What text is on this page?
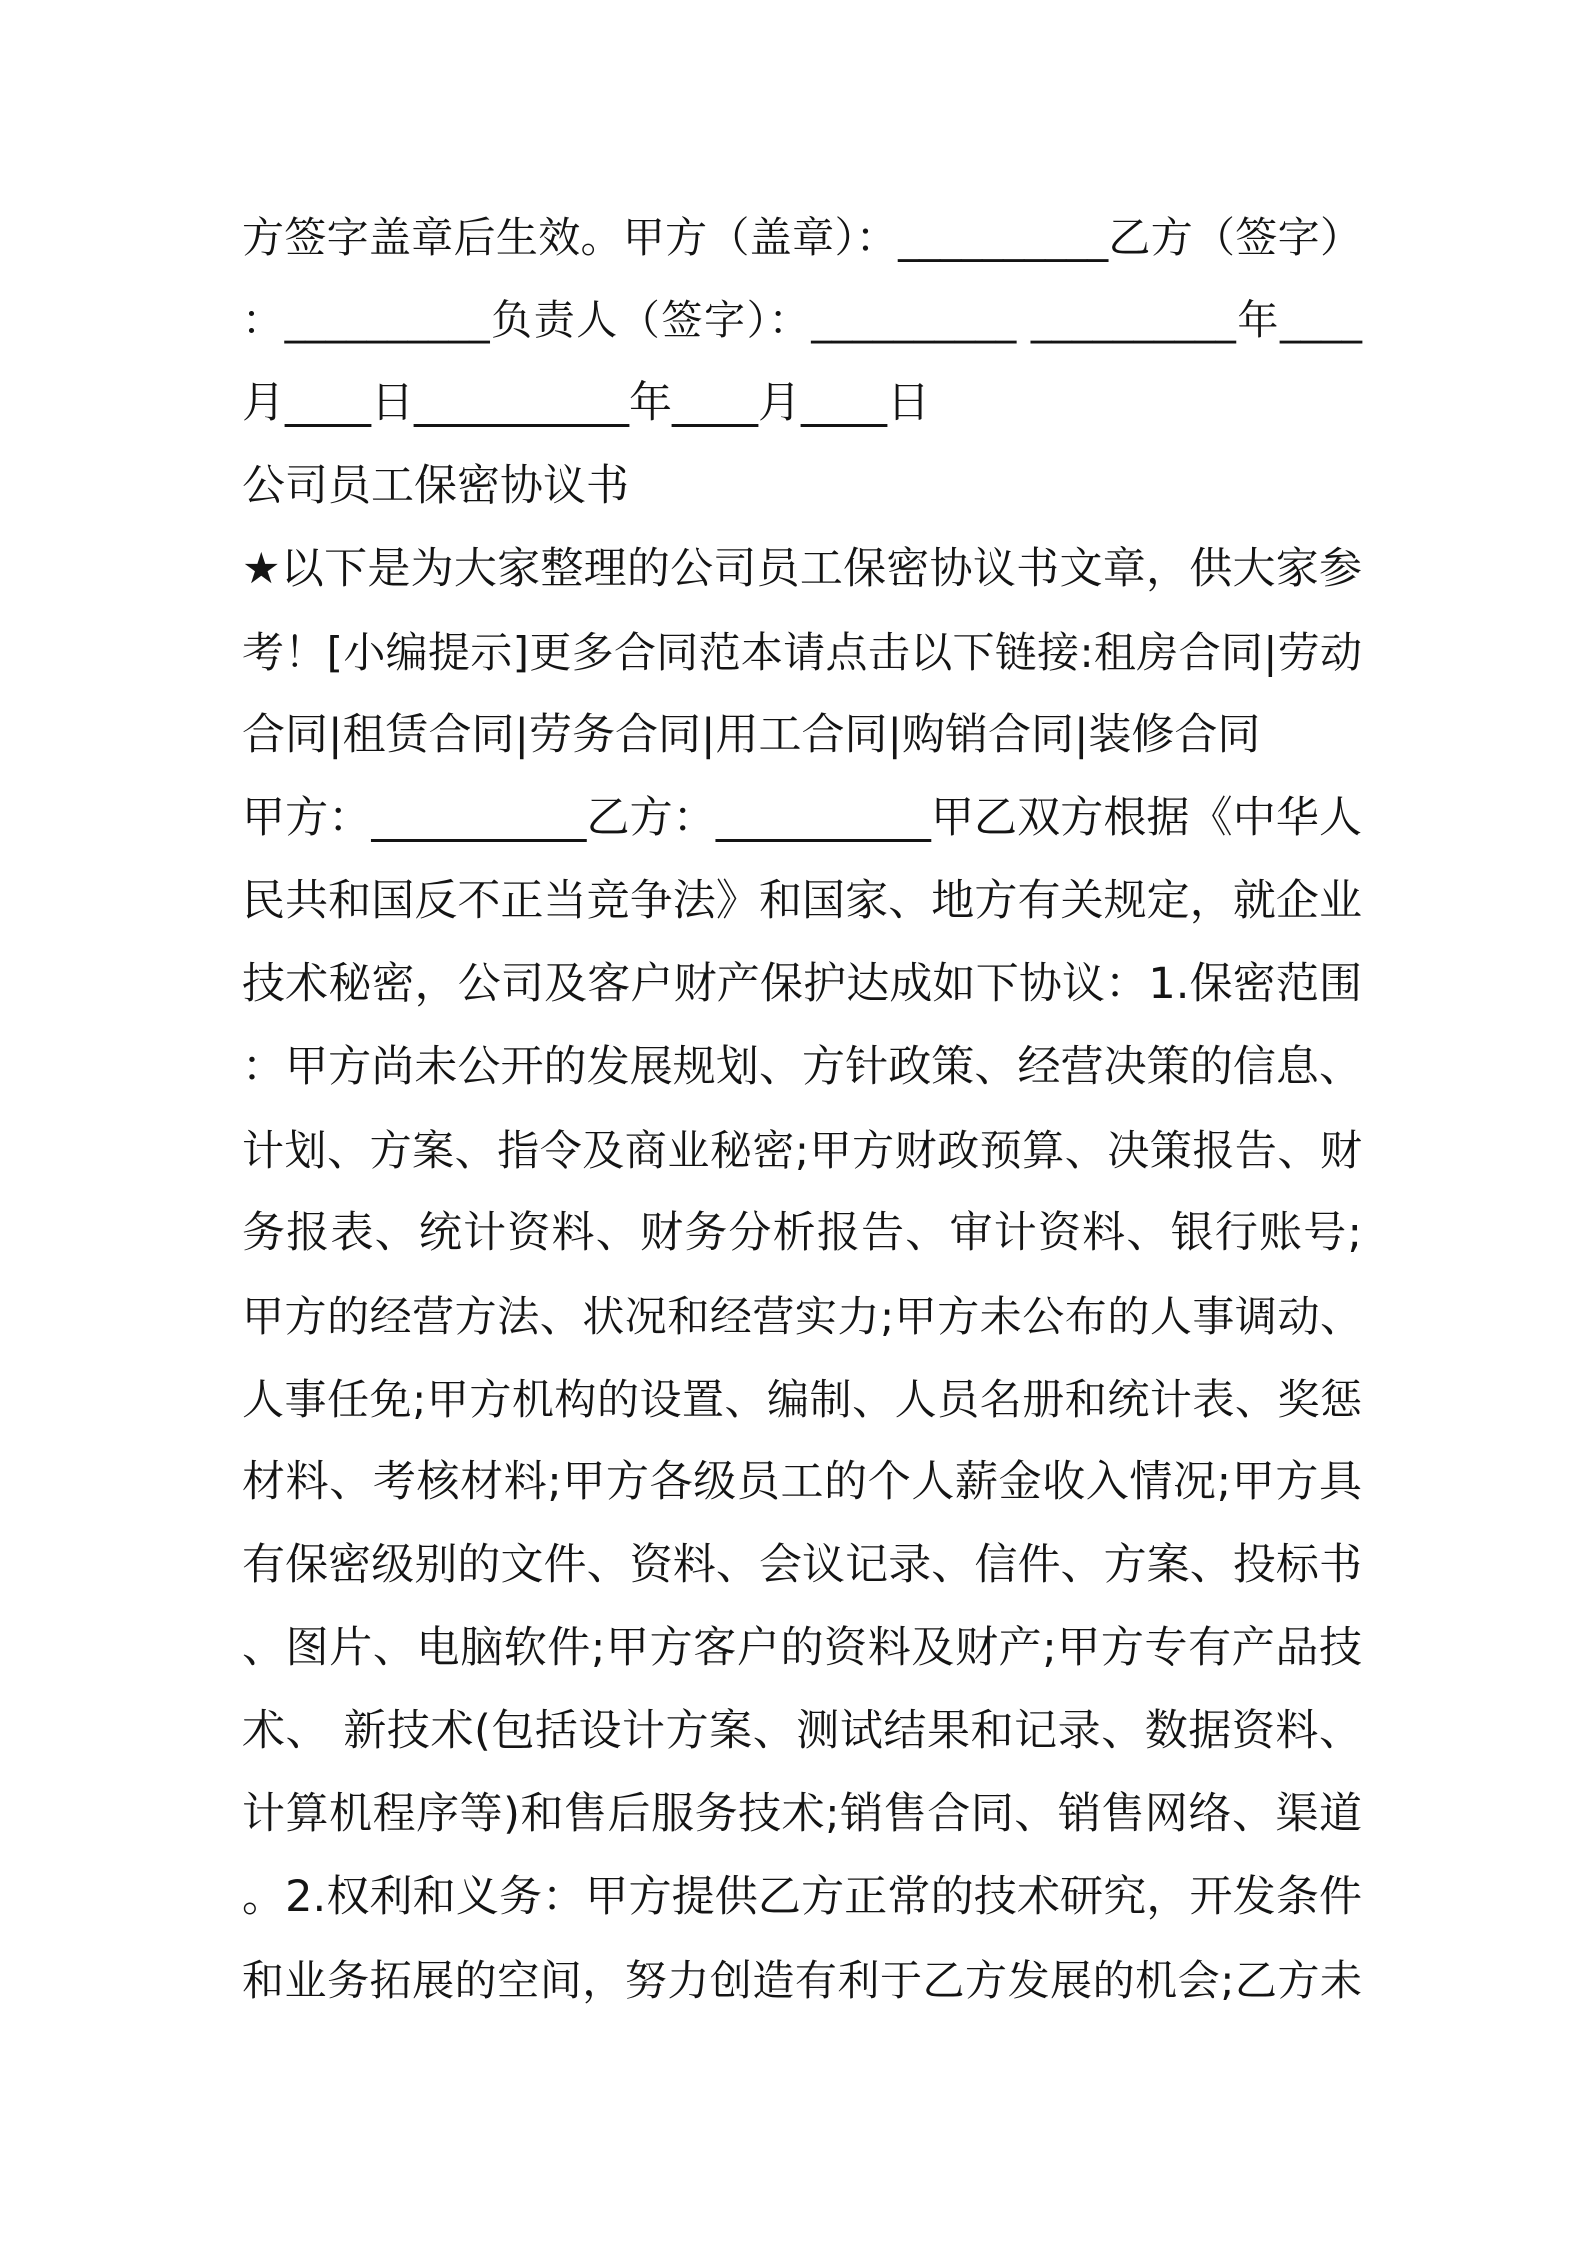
方签字盖章后生效。甲方（盖章）：__________乙方（签字）
：__________负责人（签字）：__________ __________年____
月____日__________年____月____日
公司员工保密协议书
★以下是为大家整理的公司员工保密协议书文章，供大家参
考！[小编提示]更多合同范本请点击以下链接:租房合同|劳动
合同|租赁合同|劳务合同|用工合同|购销合同|装修合同
甲方：__________乙方：__________甲乙双方根据《中华人
民共和国反不正当竞争法》和国家、地方有关规定，就企业
技术秘密，公司及客户财产保护达成如下协议：1.保密范围
：甲方尚未公开的发展规划、方针政策、经营决策的信息、
计划、方案、指令及商业秘密;甲方财政预算、决策报告、财
务报表、统计资料、财务分析报告、审计资料、银行账号;
甲方的经营方法、状况和经营实力;甲方未公布的人事调动、
人事任免;甲方机构的设置、编制、人员名册和统计表、奖惩
材料、考核材料;甲方各级员工的个人薪金收入情况;甲方具
有保密级别的文件、资料、会议记录、信件、方案、投标书
、图片、电脑软件;甲方客户的资料及财产;甲方专有产品技
术、 新技术(包括设计方案、测试结果和记录、数据资料、
计算机程序等)和售后服务技术;销售合同、销售网络、渠道
。2.权利和义务：甲方提供乙方正常的技术研究，开发条件
和业务拓展的空间，努力创造有利于乙方发展的机会;乙方未
